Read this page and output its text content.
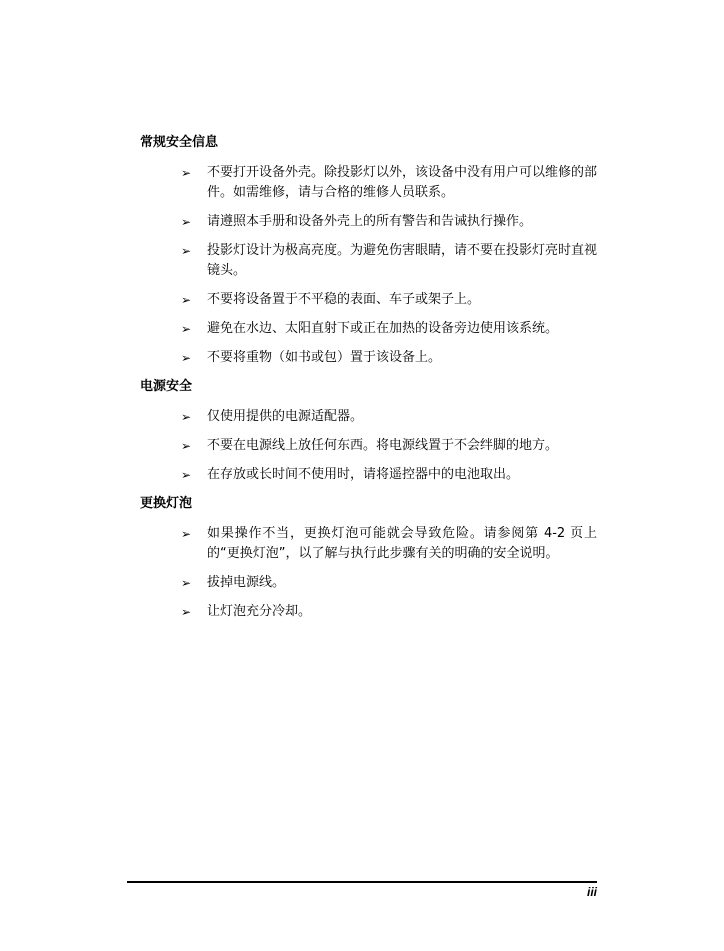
常规安全信息
➢ 不要打开设备外壳。除投影灯以外，该设备中没有用户可以维修的部件。如需维修，请与合格的维修人员联系。
➢ 请遵照本手册和设备外壳上的所有警告和告诫执行操作。
➢ 投影灯设计为极高亮度。为避免伤害眼睛，请不要在投影灯亮时直视镜头。
➢ 不要将设备置于不平稳的表面、车子或架子上。
➢ 避免在水边、太阳直射下或正在加热的设备旁边使用该系统。
➢ 不要将重物（如书或包）置于该设备上。
电源安全
➢ 仅使用提供的电源适配器。
➢ 不要在电源线上放任何东西。将电源线置于不会绊脚的地方。
➢ 在存放或长时间不使用时，请将遥控器中的电池取出。
更换灯泡
➢ 如果操作不当，更换灯泡可能就会导致危险。请参阅第 4-2 页上的“更换灯泡”，以了解与执行此步骤有关的明确的安全说明。
➢ 拔掉电源线。
➢ 让灯泡充分冷却。
iii
